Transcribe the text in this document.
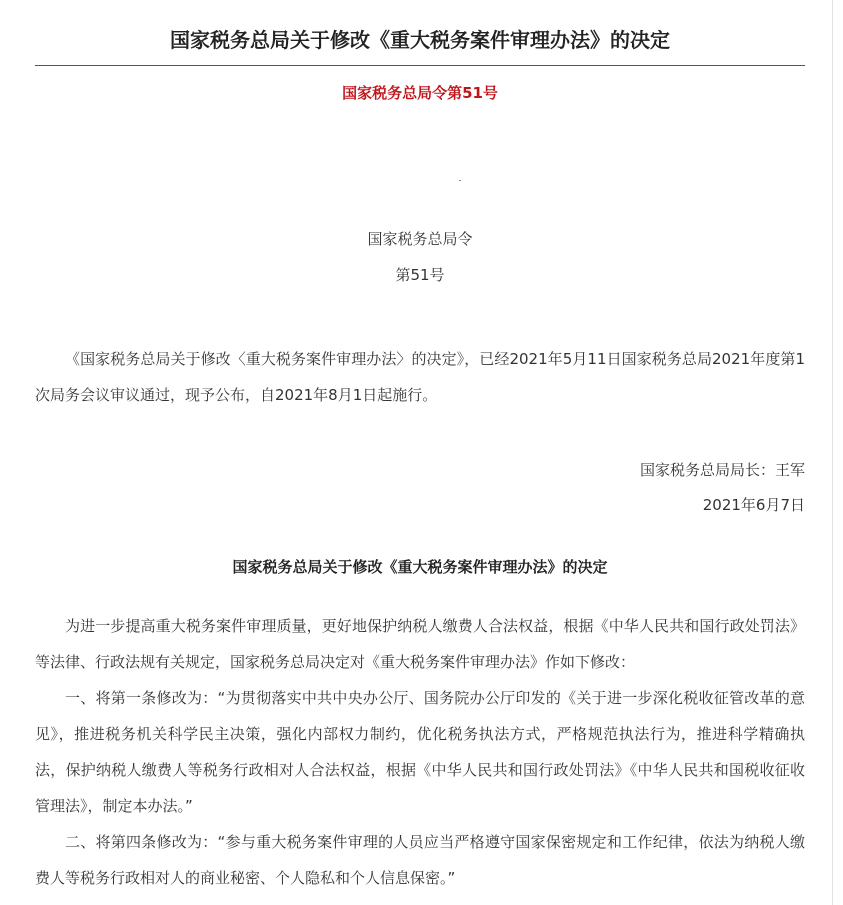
国家税务总局关于修改《重大税务案件审理办法》的决定
国家税务总局令第51号
国家税务总局令
第51号

《国家税务总局关于修改〈重大税务案件审理办法〉的决定》，已经2021年5月11日国家税务总局2021年度第1次局务会议审议通过，现予公布，自2021年8月1日起施行。

国家税务总局局长：王军
2021年6月7日
国家税务总局关于修改《重大税务案件审理办法》的决定

为进一步提高重大税务案件审理质量，更好地保护纳税人缴费人合法权益，根据《中华人民共和国行政处罚法》等法律、行政法规有关规定，国家税务总局决定对《重大税务案件审理办法》作如下修改：

一、将第一条修改为：“为贯彻落实中共中央办公厅、国务院办公厅印发的《关于进一步深化税收征管改革的意见》，推进税务机关科学民主决策，强化内部权力制约，优化税务执法方式，严格规范执法行为，推进科学精确执法，保护纳税人缴费人等税务行政相对人合法权益，根据《中华人民共和国行政处罚法》《中华人民共和国税收征收管理法》，制定本办法。”

二、将第四条修改为：“参与重大税务案件审理的人员应当严格遵守国家保密规定和工作纪律，依法为纳税人缴费人等税务行政相对人的商业秘密、个人隐私和个人信息保密。”
